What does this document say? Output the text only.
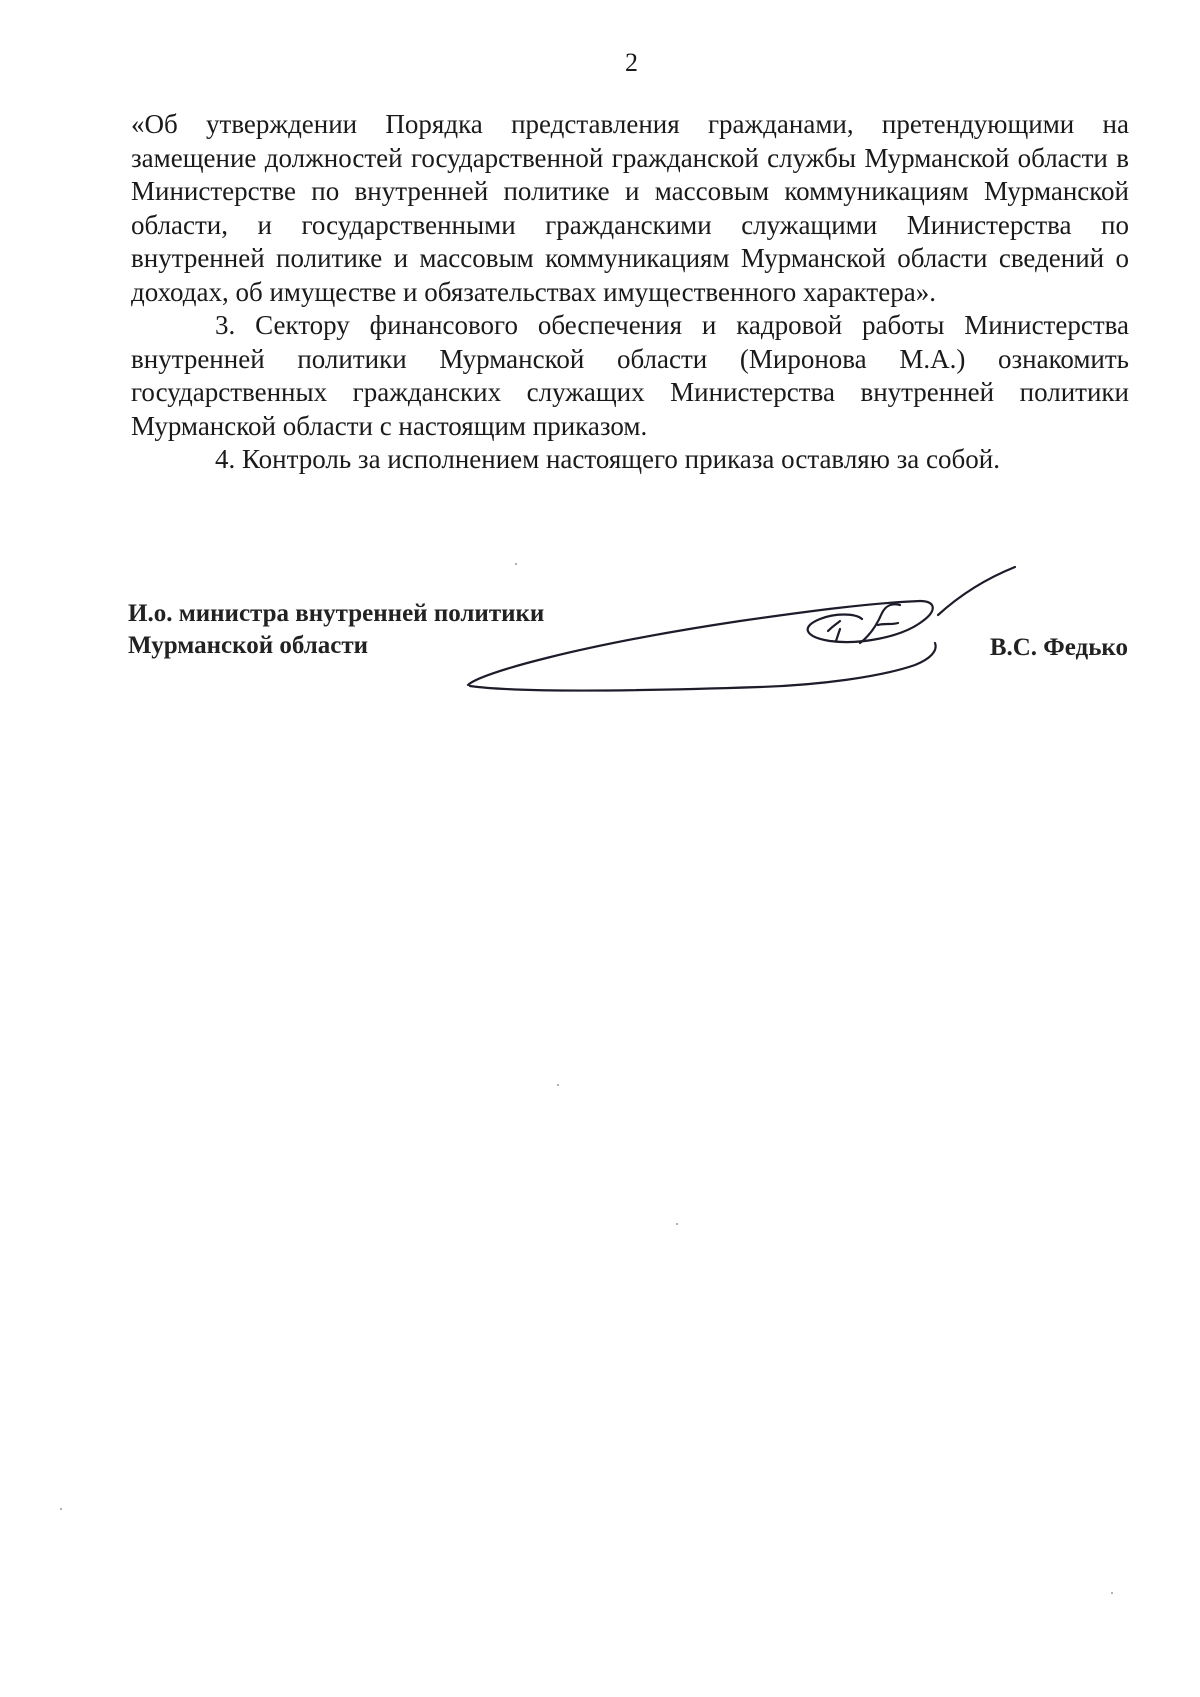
2

«Об утверждении Порядка представления гражданами, претендующими на замещение должностей государственной гражданской службы Мурманской области в Министерстве по внутренней политике и массовым коммуникациям Мурманской области, и государственными гражданскими служащими Министерства по внутренней политике и массовым коммуникациям Мурманской области сведений о доходах, об имуществе и обязательствах имущественного характера».

3. Сектору финансового обеспечения и кадровой работы Министерства внутренней политики Мурманской области (Миронова М.А.) ознакомить государственных гражданских служащих Министерства внутренней политики Мурманской области с настоящим приказом.

4. Контроль за исполнением настоящего приказа оставляю за собой.

И.о. министра внутренней политики
Мурманской области	В.С. Федько
